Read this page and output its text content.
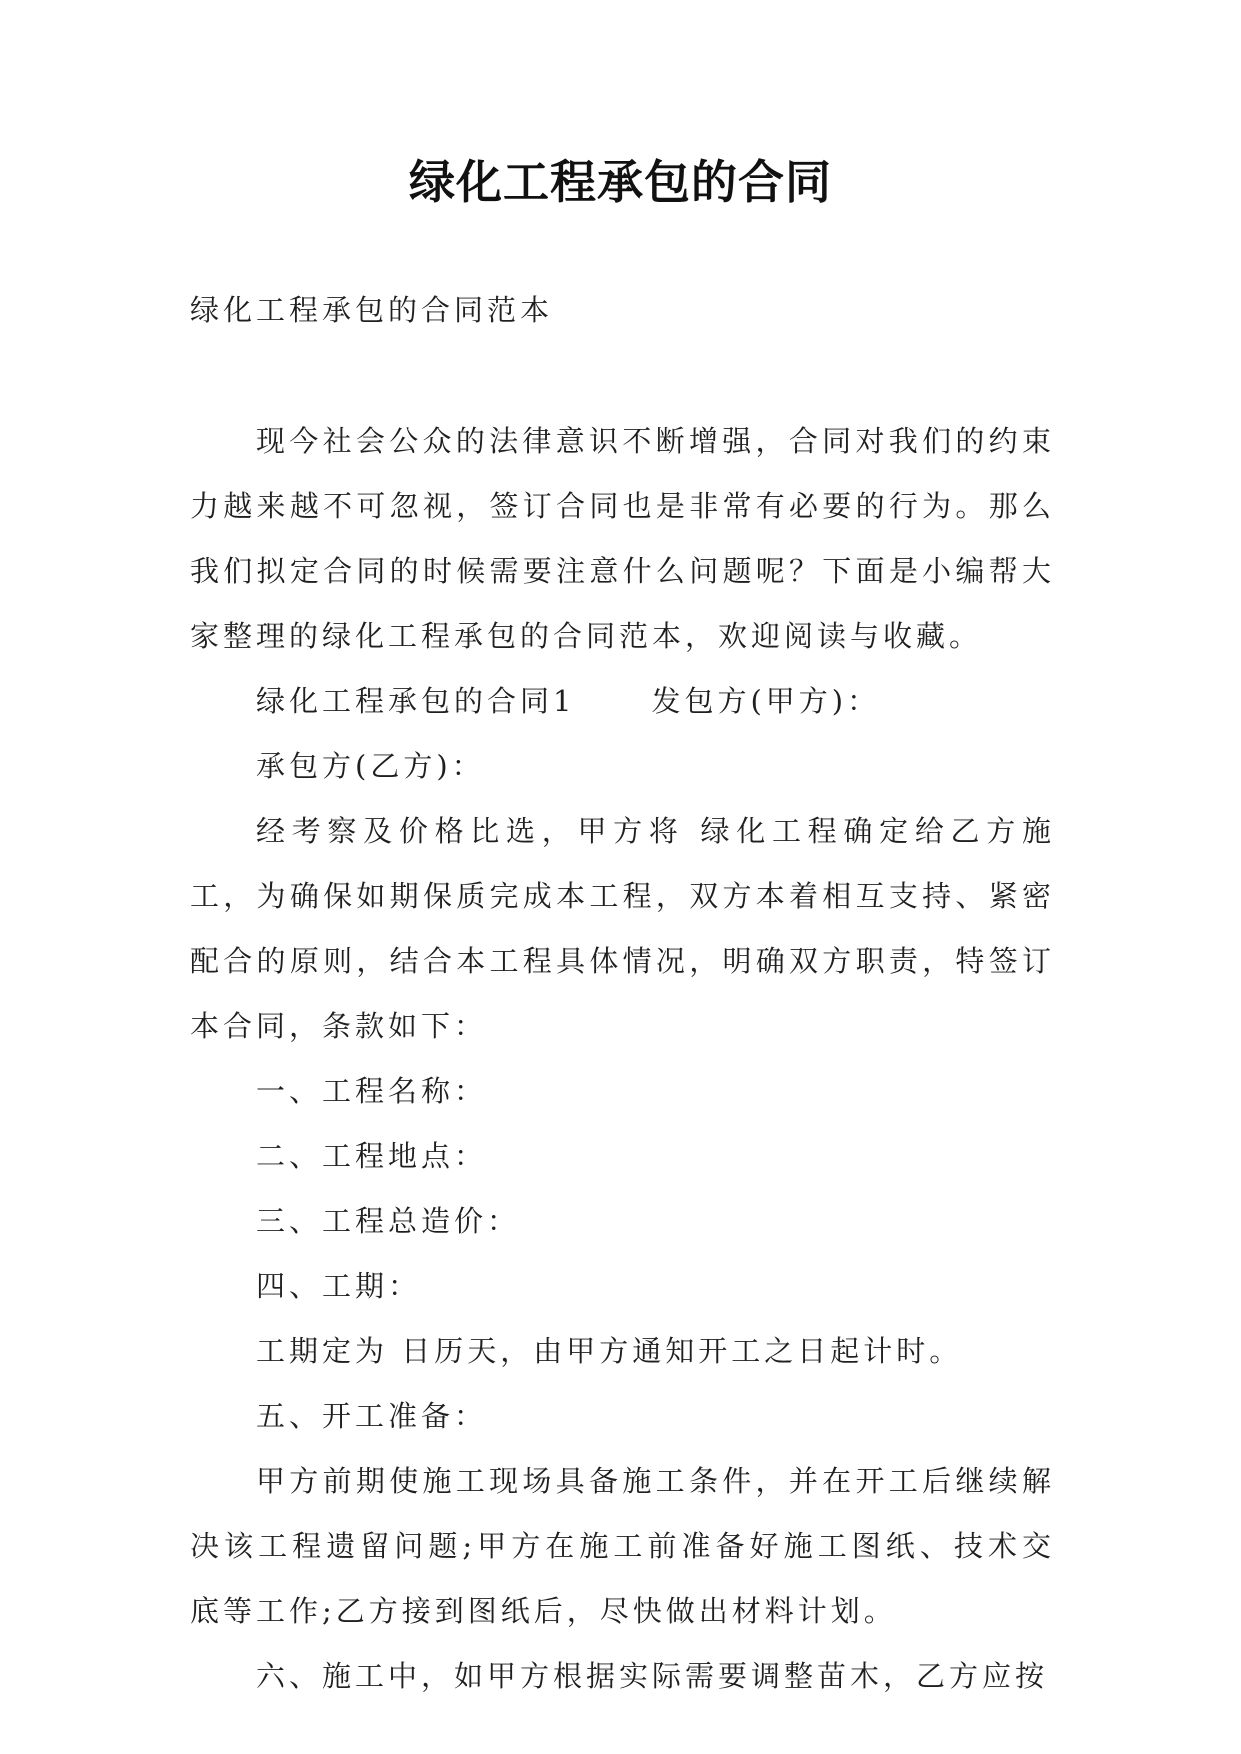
绿化工程承包的合同
绿化工程承包的合同范本

现今社会公众的法律意识不断增强，合同对我们的约束力越来越不可忽视，签订合同也是非常有必要的行为。那么我们拟定合同的时候需要注意什么问题呢？下面是小编帮大家整理的绿化工程承包的合同范本，欢迎阅读与收藏。

绿化工程承包的合同1	发包方(甲方)：

承包方(乙方)：

经考察及价格比选，甲方将 绿化工程确定给乙方施工，为确保如期保质完成本工程，双方本着相互支持、紧密配合的原则，结合本工程具体情况，明确双方职责，特签订本合同，条款如下：

一、工程名称：

二、工程地点：

三、工程总造价：

四、工期：

工期定为 日历天，由甲方通知开工之日起计时。

五、开工准备：

甲方前期使施工现场具备施工条件，并在开工后继续解决该工程遗留问题;甲方在施工前准备好施工图纸、技术交底等工作;乙方接到图纸后，尽快做出材料计划。

六、施工中，如甲方根据实际需要调整苗木，乙方应按
